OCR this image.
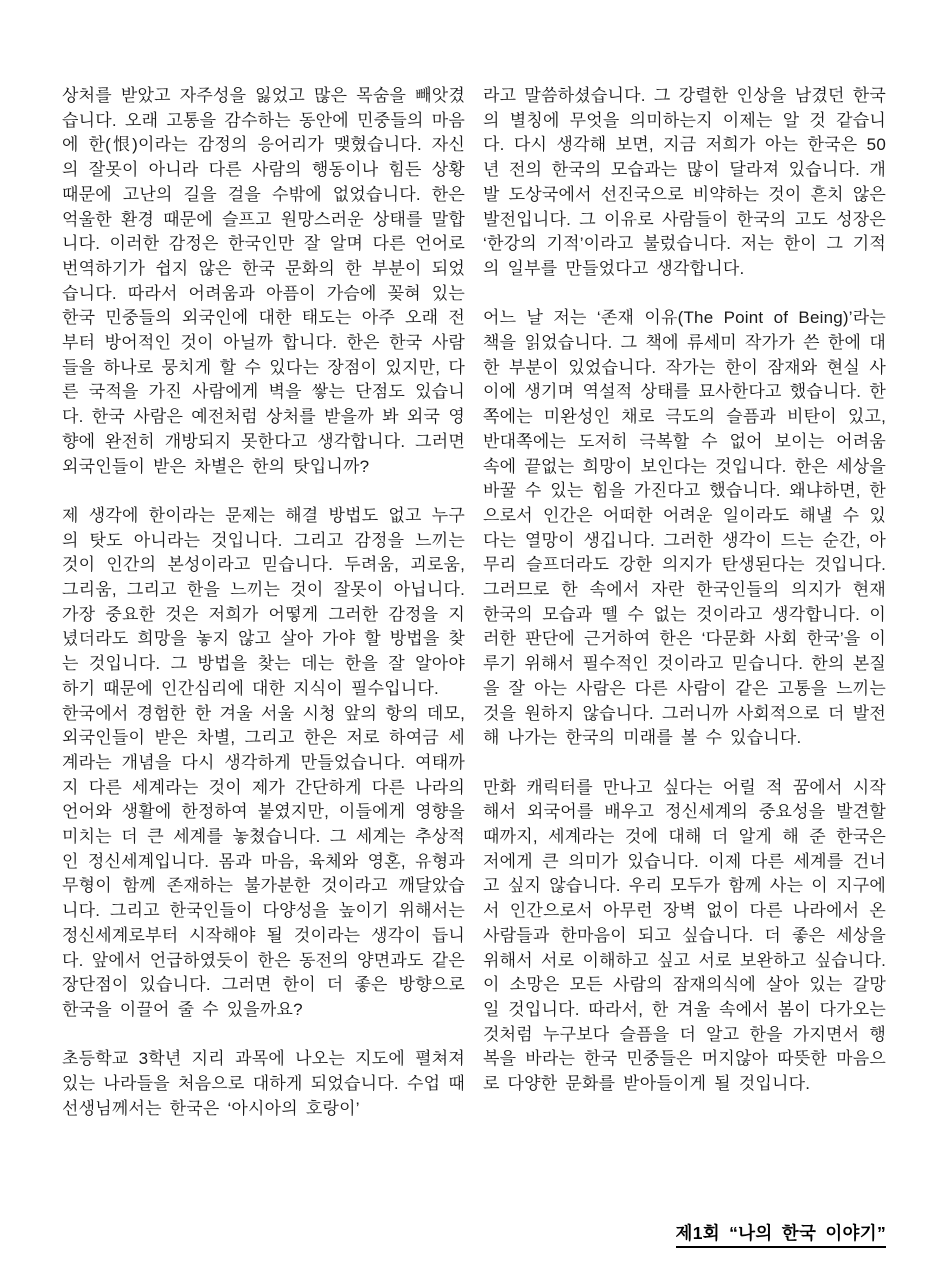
상처를 받았고 자주성을 잃었고 많은 목숨을 빼앗겼습니다. 오래 고통을 감수하는 동안에 민중들의 마음에 한(恨)이라는 감정의 응어리가 맺혔습니다. 자신의 잘못이 아니라 다른 사람의 행동이나 힘든 상황 때문에 고난의 길을 걸을 수밖에 없었습니다. 한은 억울한 환경 때문에 슬프고 원망스러운 상태를 말합니다. 이러한 감정은 한국인만 잘 알며 다른 언어로 번역하기가 쉽지 않은 한국 문화의 한 부분이 되었습니다. 따라서 어려움과 아픔이 가슴에 꽂혀 있는 한국 민중들의 외국인에 대한 태도는 아주 오래 전부터 방어적인 것이 아닐까 합니다. 한은 한국 사람들을 하나로 뭉치게 할 수 있다는 장점이 있지만, 다른 국적을 가진 사람에게 벽을 쌓는 단점도 있습니다. 한국 사람은 예전처럼 상처를 받을까 봐 외국 영향에 완전히 개방되지 못한다고 생각합니다. 그러면 외국인들이 받은 차별은 한의 탓입니까?

제 생각에 한이라는 문제는 해결 방법도 없고 누구의 탓도 아니라는 것입니다. 그리고 감정을 느끼는 것이 인간의 본성이라고 믿습니다. 두려움, 괴로움, 그리움, 그리고 한을 느끼는 것이 잘못이 아닙니다. 가장 중요한 것은 저희가 어떻게 그러한 감정을 지녔더라도 희망을 놓지 않고 살아 가야 할 방법을 찾는 것입니다. 그 방법을 찾는 데는 한을 잘 알아야 하기 때문에 인간심리에 대한 지식이 필수입니다.

한국에서 경험한 한 겨울 서울 시청 앞의 항의 데모, 외국인들이 받은 차별, 그리고 한은 저로 하여금 세계라는 개념을 다시 생각하게 만들었습니다. 여태까지 다른 세계라는 것이 제가 간단하게 다른 나라의 언어와 생활에 한정하여 붙였지만, 이들에게 영향을 미치는 더 큰 세계를 놓쳤습니다. 그 세계는 추상적인 정신세계입니다. 몸과 마음, 육체와 영혼, 유형과 무형이 함께 존재하는 불가분한 것이라고 깨달았습니다. 그리고 한국인들이 다양성을 높이기 위해서는 정신세계로부터 시작해야 될 것이라는 생각이 듭니다. 앞에서 언급하였듯이 한은 동전의 양면과도 같은 장단점이 있습니다. 그러면 한이 더 좋은 방향으로 한국을 이끌어 줄 수 있을까요?

초등학교 3학년 지리 과목에 나오는 지도에 펼쳐져 있는 나라들을 처음으로 대하게 되었습니다. 수업 때 선생님께서는 한국은 ‘아시아의 호랑이’

라고 말씀하셨습니다. 그 강렬한 인상을 남겼던 한국의 별칭에 무엇을 의미하는지 이제는 알 것 같습니다. 다시 생각해 보면, 지금 저희가 아는 한국은 50년 전의 한국의 모습과는 많이 달라져 있습니다. 개발 도상국에서 선진국으로 비약하는 것이 흔치 않은 발전입니다. 그 이유로 사람들이 한국의 고도 성장은 ‘한강의 기적’이라고 불렀습니다. 저는 한이 그 기적의 일부를 만들었다고 생각합니다.

어느 날 저는 ‘존재 이유(The Point of Being)’라는 책을 읽었습니다. 그 책에 류세미 작가가 쓴 한에 대한 부분이 있었습니다. 작가는 한이 잠재와 현실 사이에 생기며 역설적 상태를 묘사한다고 했습니다. 한쪽에는 미완성인 채로 극도의 슬픔과 비탄이 있고, 반대쪽에는 도저히 극복할 수 없어 보이는 어려움 속에 끝없는 희망이 보인다는 것입니다. 한은 세상을 바꿀 수 있는 힘을 가진다고 했습니다. 왜냐하면, 한으로서 인간은 어떠한 어려운 일이라도 해낼 수 있다는 열망이 생깁니다. 그러한 생각이 드는 순간, 아무리 슬프더라도 강한 의지가 탄생된다는 것입니다. 그러므로 한 속에서 자란 한국인들의 의지가 현재 한국의 모습과 뗄 수 없는 것이라고 생각합니다. 이러한 판단에 근거하여 한은 ‘다문화 사회 한국’을 이루기 위해서 필수적인 것이라고 믿습니다. 한의 본질을 잘 아는 사람은 다른 사람이 같은 고통을 느끼는 것을 원하지 않습니다. 그러니까 사회적으로 더 발전해 나가는 한국의 미래를 볼 수 있습니다.

만화 캐릭터를 만나고 싶다는 어릴 적 꿈에서 시작해서 외국어를 배우고 정신세계의 중요성을 발견할 때까지, 세계라는 것에 대해 더 알게 해 준 한국은 저에게 큰 의미가 있습니다. 이제 다른 세계를 건너고 싶지 않습니다. 우리 모두가 함께 사는 이 지구에서 인간으로서 아무런 장벽 없이 다른 나라에서 온 사람들과 한마음이 되고 싶습니다. 더 좋은 세상을 위해서 서로 이해하고 싶고 서로 보완하고 싶습니다. 이 소망은 모든 사람의 잠재의식에 살아 있는 갈망일 것입니다. 따라서, 한 겨울 속에서 봄이 다가오는 것처럼 누구보다 슬픔을 더 알고 한을 가지면서 행복을 바라는 한국 민중들은 머지않아 따뜻한 마음으로 다양한 문화를 받아들이게 될 것입니다.

제1회 “나의 한국 이야기”
